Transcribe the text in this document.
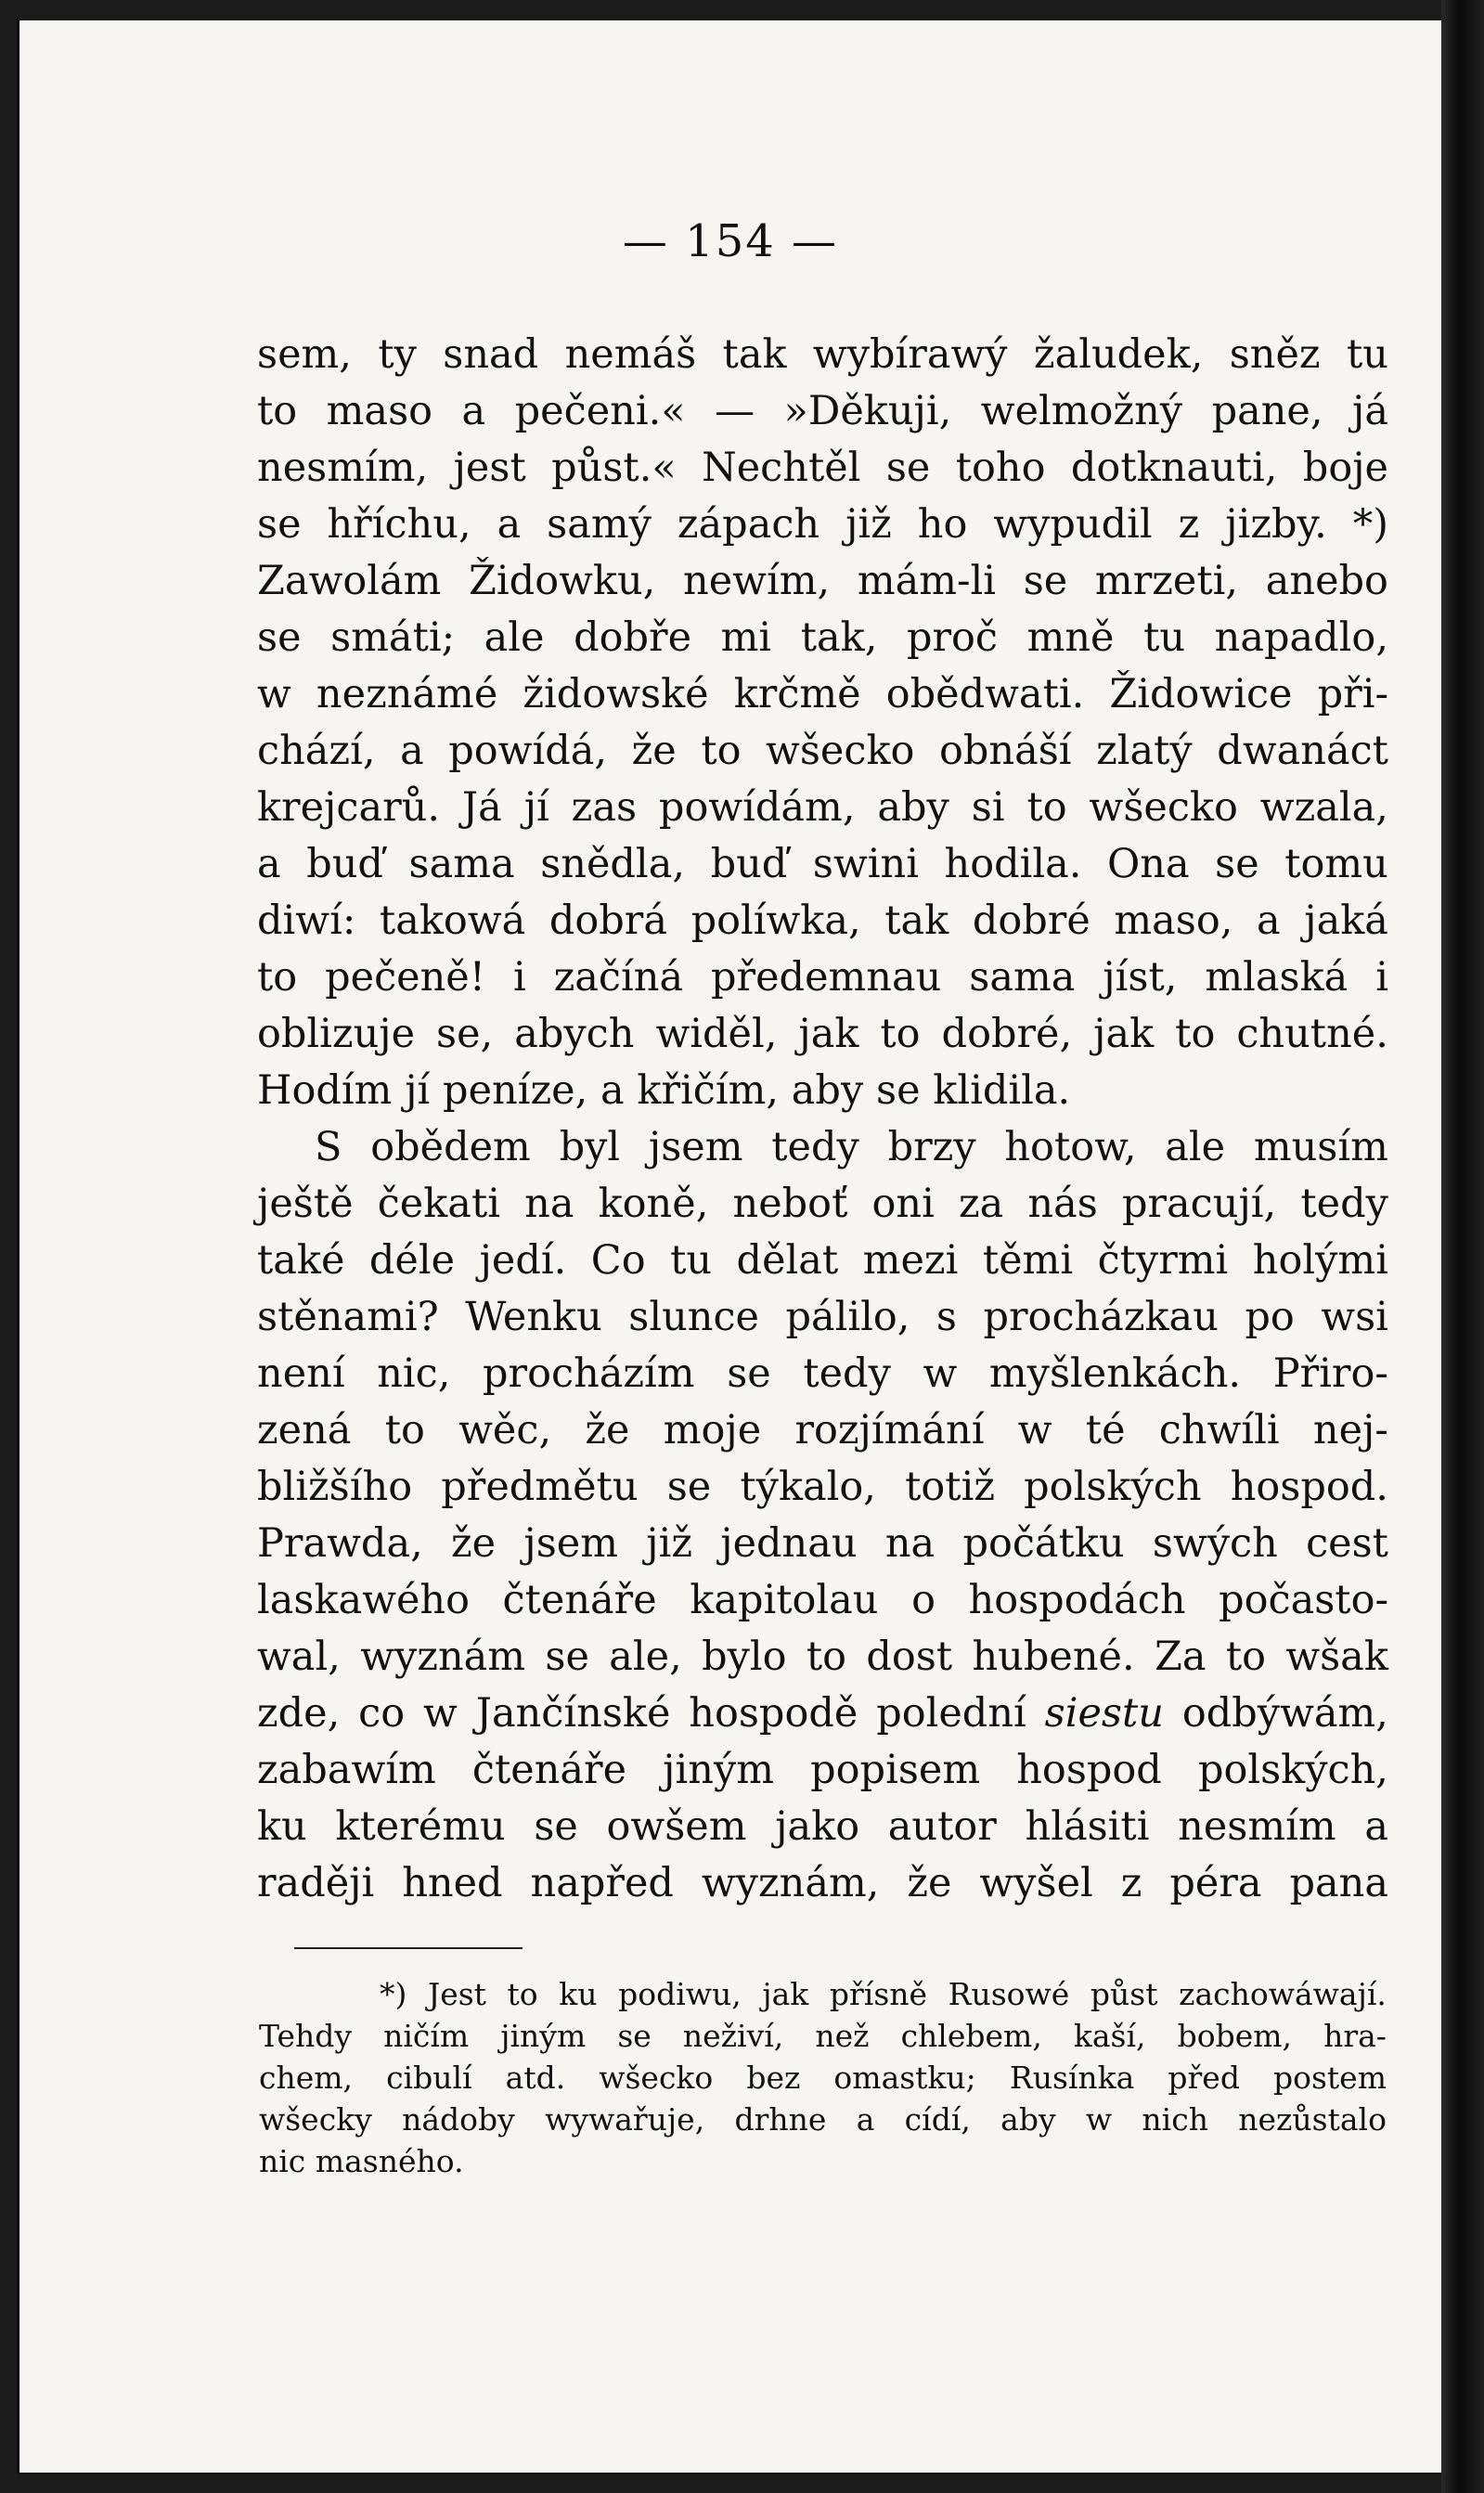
— 154 —
sem, ty snad nemáš tak wybírawý žaludek, sněz tu
to maso a pečeni.« — »Děkuji, welmožný pane, já
nesmím, jest půst.« Nechtěl se toho dotknauti, boje
se hříchu, a samý zápach již ho wypudil z jizby. *)
Zawolám Židowku, newím, mám-li se mrzeti, anebo
se smáti; ale dobře mi tak, proč mně tu napadlo,
w neznámé židowské krčmě obědwati. Židowice při-
chází, a powídá, že to wšecko obnáší zlatý dwanáct
krejcarů. Já jí zas powídám, aby si to wšecko wzala,
a buď sama snědla, buď swini hodila. Ona se tomu
diwí: takowá dobrá políwka, tak dobré maso, a jaká
to pečeně! i začíná předemnau sama jíst, mlaská i
oblizuje se, abych widěl, jak to dobré, jak to chutné.
Hodím jí peníze, a křičím, aby se klidila.
S obědem byl jsem tedy brzy hotow, ale musím
ještě čekati na koně, neboť oni za nás pracují, tedy
také déle jedí. Co tu dělat mezi těmi čtyrmi holými
stěnami? Wenku slunce pálilo, s procházkau po wsi
není nic, procházím se tedy w myšlenkách. Přiro-
zená to wěc, že moje rozjímání w té chwíli nej-
bližšího předmětu se týkalo, totiž polských hospod.
Prawda, že jsem již jednau na počátku swých cest
laskawého čtenáře kapitolau o hospodách počasto-
wal, wyznám se ale, bylo to dost hubené. Za to wšak
zde, co w Jančínské hospodě polední siestu odbýwám,
zabawím čtenáře jiným popisem hospod polských,
ku kterému se owšem jako autor hlásiti nesmím a
raději hned napřed wyznám, že wyšel z péra pana
*) Jest to ku podiwu, jak přísně Rusowé půst zachowáwají.
Tehdy ničím jiným se neživí, než chlebem, kaší, bobem, hra-
chem, cibulí atd. wšecko bez omastku; Rusínka před postem
wšecky nádoby wywařuje, drhne a cídí, aby w nich nezůstalo
nic masného.
